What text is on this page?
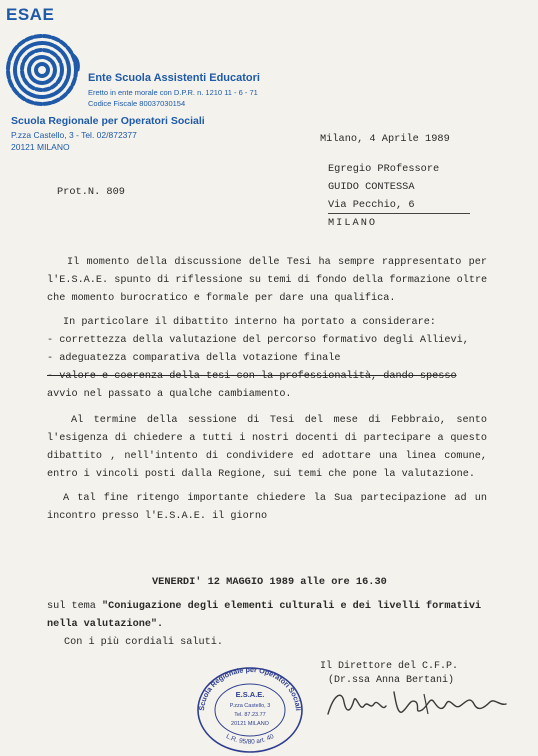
ESAE
Ente Scuola Assistenti Educatori
Eretto in ente morale con D.P.R. n. 1210 11 - 6 - 71
Codice Fiscale 80037030154
Scuola Regionale per Operatori Sociali
P.zza Castello, 3 - Tel. 02/872377
20121 MILANO
Milano, 4 Aprile 1989
Egregio PRofessore
GUIDO CONTESSA
Via Pecchio, 6
MILANO
Prot.N. 809

Il momento della discussione delle Tesi ha sempre rappresentato per

l'E.S.A.E. spunto di riflessione su temi di fondo della formazione oltre

che momento burocratico e formale per dare una qualifica.

In particolare il dibattito interno ha portato a considerare:

- correttezza della valutazione del percorso formativo degli Allievi,

- adeguatezza comparativa della votazione finale

- valore e coerenza della tesi con la professionalità, dando spesso

avvio nel passato a qualche cambiamento.

Al termine della sessione di Tesi del mese di Febbraio, sento

l'esigenza di chiedere a tutti i nostri docenti di partecipare a questo

dibattito , nell'intento di condividere ed adottare una linea comune,

entro i vincoli posti dalla Regione, sui temi che pone la valutazione.

A tal fine ritengo importante chiedere la Sua partecipazione ad un

incontro presso l'E.S.A.E. il giorno

VENERDI' 12 MAGGIO 1989 alle ore 16.30
sul tema "Coniugazione degli elementi culturali e dei livelli formativi
nella valutazione".
Con i più cordiali saluti.
Scuola Regionale per Operatori Sociali
L.R. 95/80 art. 40
E.S.A.E.
P.zza Castello, 3
Tel. 87.23.77
20121 MILANO
Il Direttore del C.F.P.
(Dr.ssa Anna Bertani)
